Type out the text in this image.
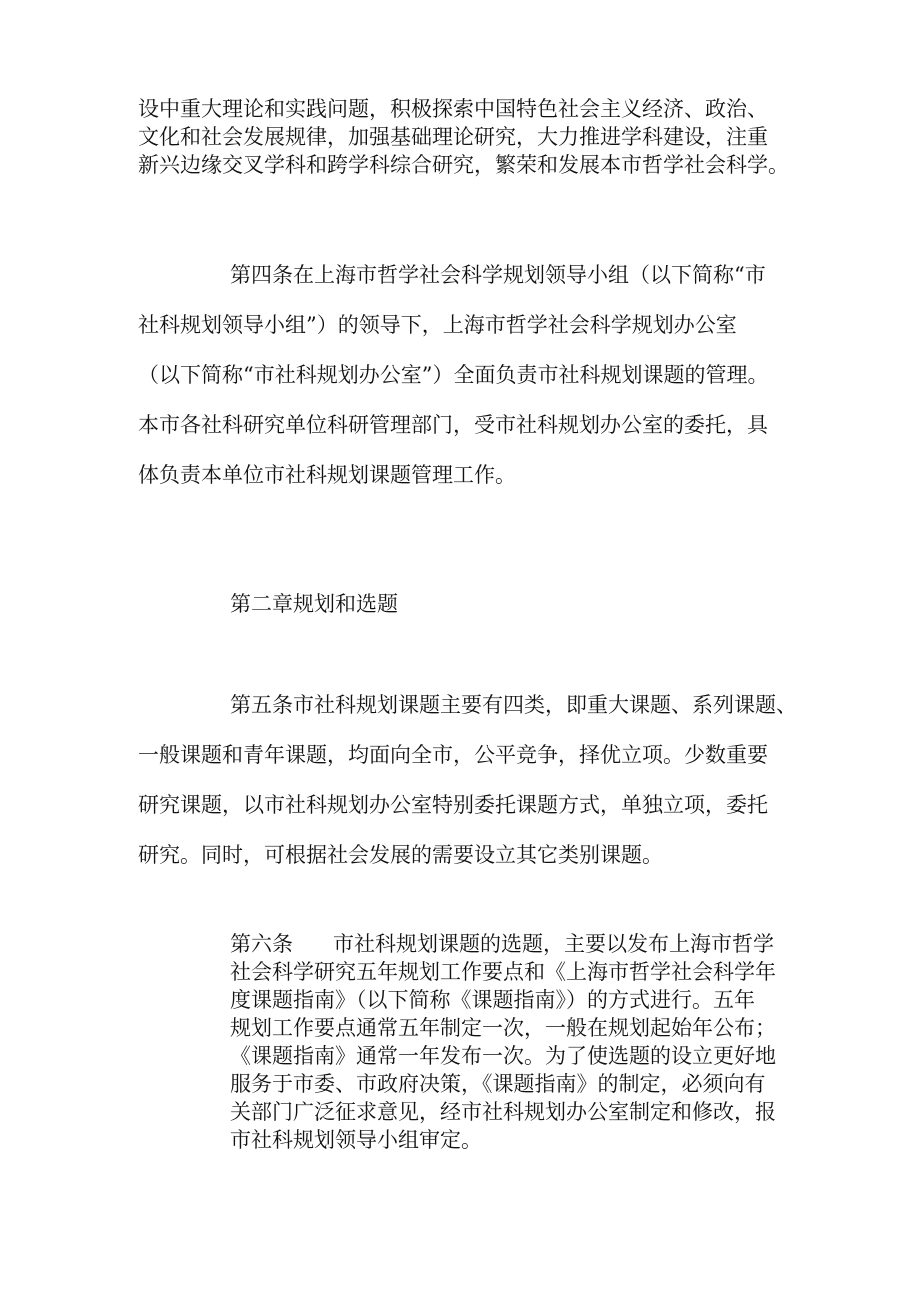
设中重大理论和实践问题，积极探索中国特色社会主义经济、政治、
文化和社会发展规律，加强基础理论研究，大力推进学科建设，注重
新兴边缘交叉学科和跨学科综合研究，繁荣和发展本市哲学社会科学。

第四条在上海市哲学社会科学规划领导小组（以下简称“市
社科规划领导小组”）的领导下，上海市哲学社会科学规划办公室
（以下简称“市社科规划办公室”）全面负责市社科规划课题的管理。
本市各社科研究单位科研管理部门，受市社科规划办公室的委托，具
体负责本单位市社科规划课题管理工作。

第二章规划和选题

第五条市社科规划课题主要有四类，即重大课题、系列课题、
一般课题和青年课题，均面向全市，公平竞争，择优立项。少数重要
研究课题，以市社科规划办公室特别委托课题方式，单独立项，委托
研究。同时，可根据社会发展的需要设立其它类别课题。

第六条 市社科规划课题的选题，主要以发布上海市哲学
社会科学研究五年规划工作要点和《上海市哲学社会科学年
度课题指南》（以下简称《课题指南》）的方式进行。五年
规划工作要点通常五年制定一次，一般在规划起始年公布；
《课题指南》通常一年发布一次。为了使选题的设立更好地
服务于市委、市政府决策，《课题指南》的制定，必须向有
关部门广泛征求意见，经市社科规划办公室制定和修改，报
市社科规划领导小组审定。
